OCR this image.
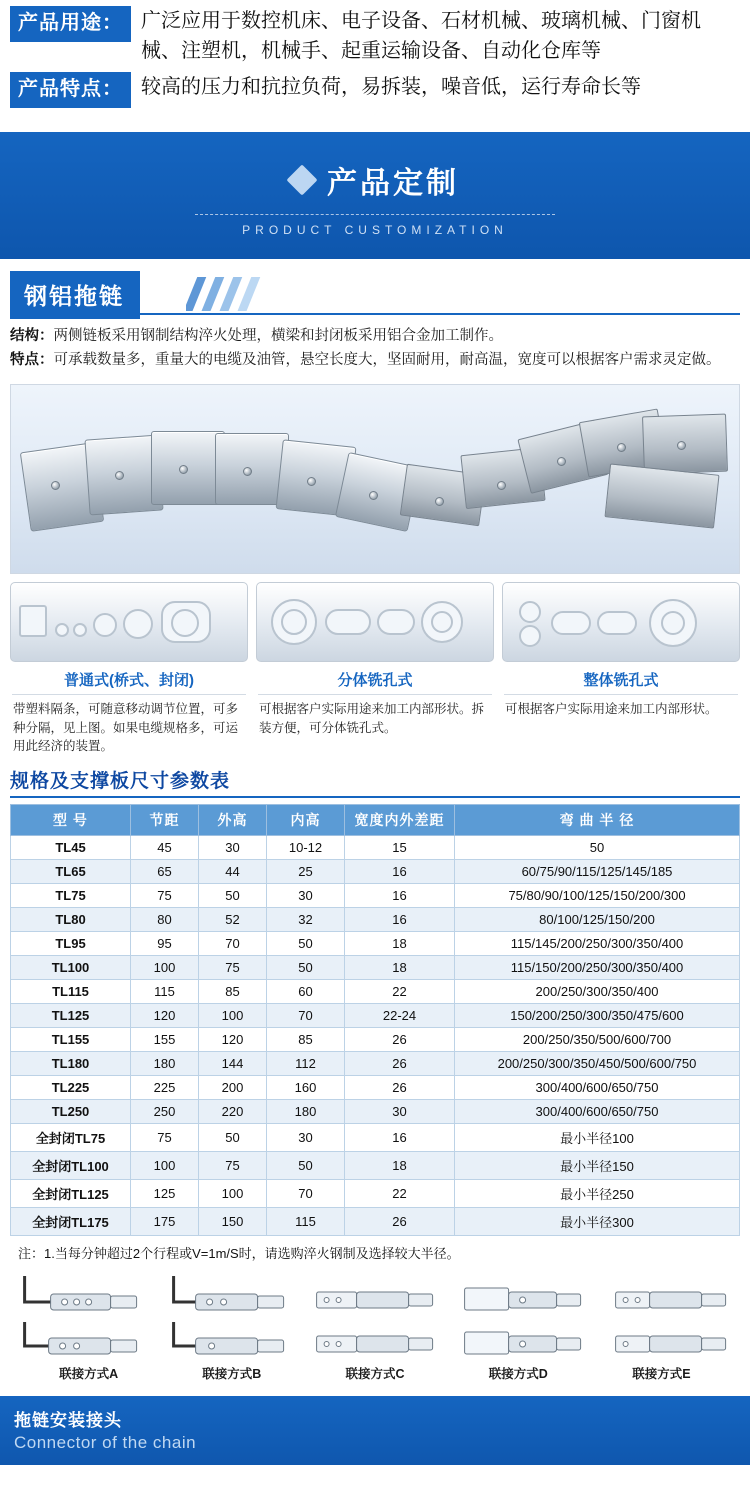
产品用途： 广泛应用于数控机床、电子设备、石材机械、玻璃机械、门窗机械、注塑机，机械手、起重运输设备、自动化仓库等
产品特点： 较高的压力和抗拉负荷，易拆装，噪音低，运行寿命长等
产品定制
PRODUCT CUSTOMIZATION
钢铝拖链

结构：两侧链板采用钢制结构淬火处理，横梁和封闭板采用铝合金加工制作。

特点：可承载数量多，重量大的电缆及油管，悬空长度大，坚固耐用，耐高温，宽度可以根据客户需求灵定做。

普通式(桥式、封闭)
带塑料隔条，可随意移动调节位置，可多种分隔，见上图。如果电缆规格多，可运用此经济的装置。
分体铣孔式
可根据客户实际用途来加工内部形状。拆装方便，可分体铣孔式。
整体铣孔式
可根据客户实际用途来加工内部形状。
规格及支撑板尺寸参数表
型 号	节距	外高	内高	宽度内外差距	弯 曲 半 径
TL45	45	30	10-12	15	50
TL65	65	44	25	16	60/75/90/115/125/145/185
TL75	75	50	30	16	75/80/90/100/125/150/200/300
TL80	80	52	32	16	80/100/125/150/200
TL95	95	70	50	18	115/145/200/250/300/350/400
TL100	100	75	50	18	115/150/200/250/300/350/400
TL115	115	85	60	22	200/250/300/350/400
TL125	120	100	70	22-24	150/200/250/300/350/475/600
TL155	155	120	85	26	200/250/350/500/600/700
TL180	180	144	112	26	200/250/300/350/450/500/600/750
TL225	225	200	160	26	300/400/600/650/750
TL250	250	220	180	30	300/400/600/650/750
全封闭TL75	75	50	30	16	最小半径100
全封闭TL100	100	75	50	18	最小半径150
全封闭TL125	125	100	70	22	最小半径250
全封闭TL175	175	150	115	26	最小半径300
注：1.当每分钟超过2个行程或V=1m/S时，请选购淬火钢制及选择较大半径。
联接方式A	联接方式B	联接方式C	联接方式D	联接方式E
拖链安装接头
Connector of the chain
